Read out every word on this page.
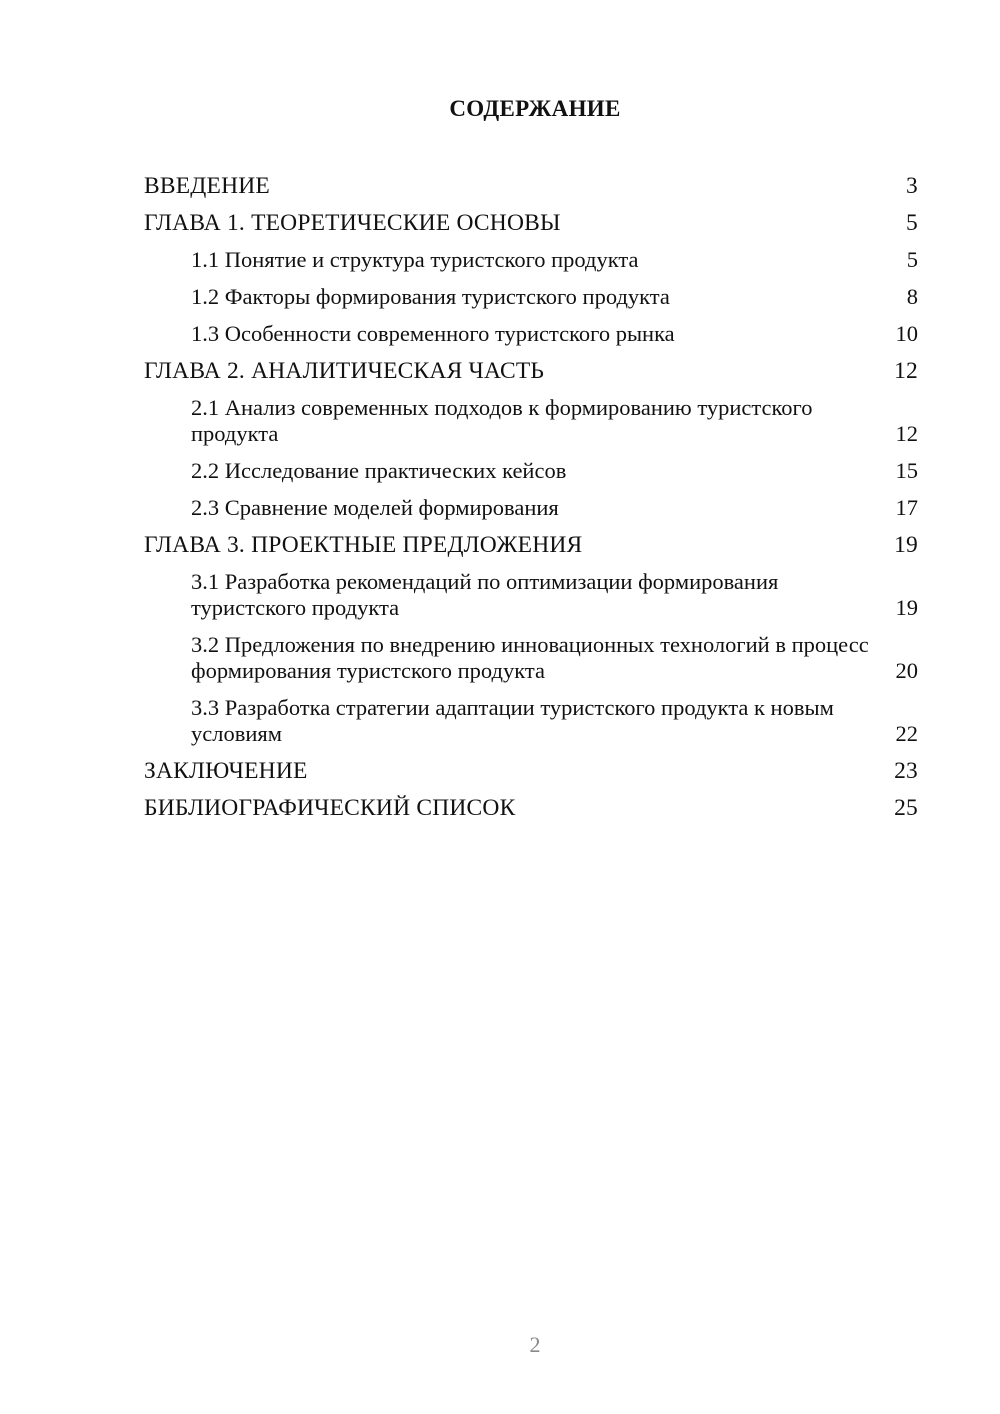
СОДЕРЖАНИЕ
ВВЕДЕНИЕ	3
ГЛАВА 1. ТЕОРЕТИЧЕСКИЕ ОСНОВЫ	5
1.1 Понятие и структура туристского продукта	5
1.2 Факторы формирования туристского продукта	8
1.3 Особенности современного туристского рынка	10
ГЛАВА 2. АНАЛИТИЧЕСКАЯ ЧАСТЬ	12
2.1 Анализ современных подходов к формированию туристского продукта	12
2.2 Исследование практических кейсов	15
2.3 Сравнение моделей формирования	17
ГЛАВА 3. ПРОЕКТНЫЕ ПРЕДЛОЖЕНИЯ	19
3.1 Разработка рекомендаций по оптимизации формирования туристского продукта	19
3.2 Предложения по внедрению инновационных технологий в процесс формирования туристского продукта	20
3.3 Разработка стратегии адаптации туристского продукта к новым условиям	22
ЗАКЛЮЧЕНИЕ	23
БИБЛИОГРАФИЧЕСКИЙ СПИСОК	25
2
